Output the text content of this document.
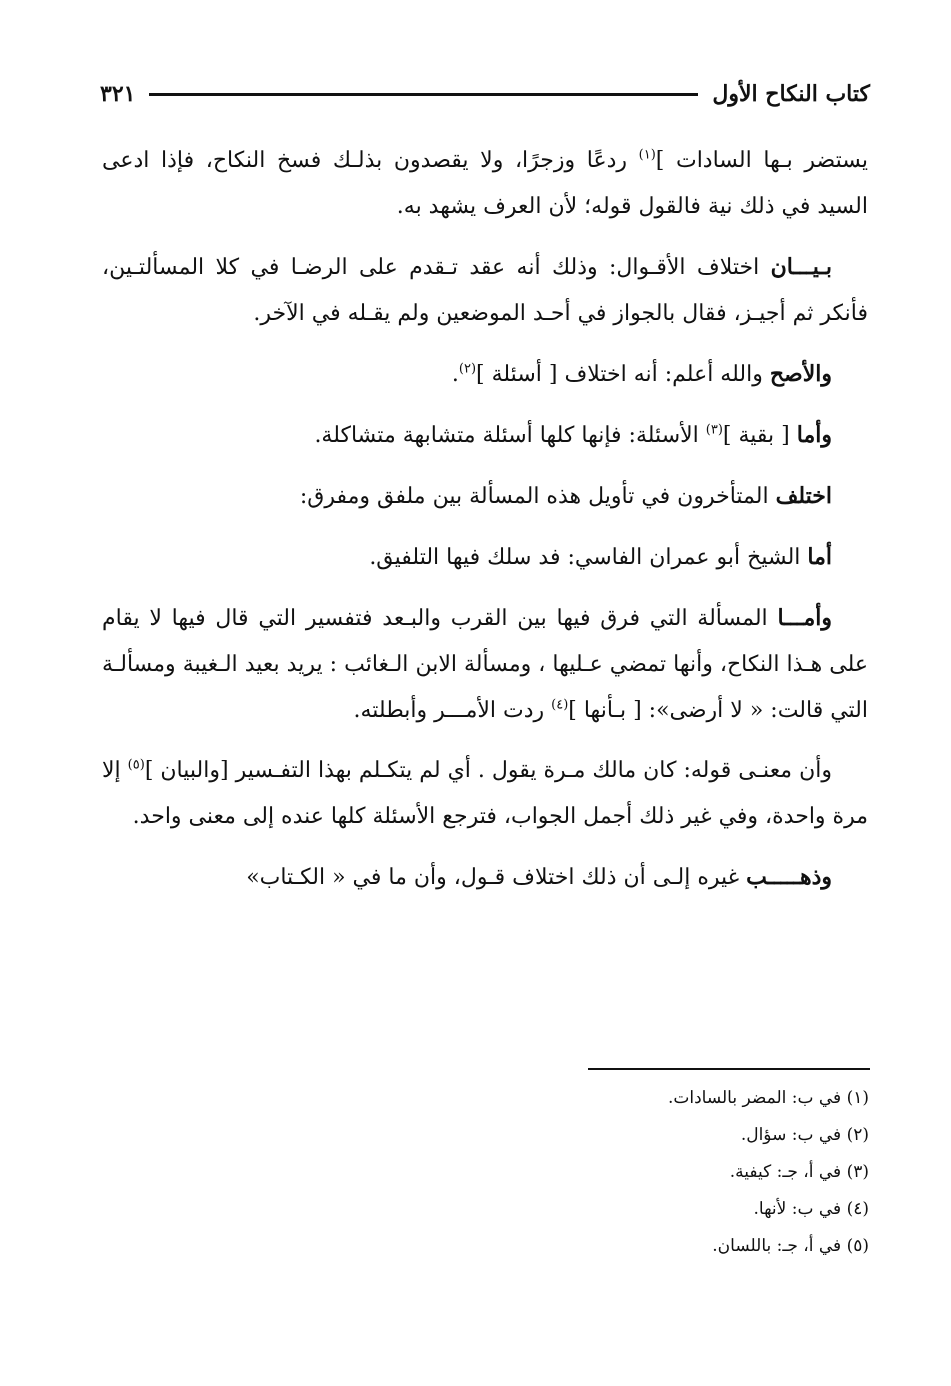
كتاب النكاح الأول
٣٢١

يستضر بـها السادات ]$^{(١)}$ ردعًا وزجرًا، ولا يقصدون بذلـك فسخ النكاح، فإذا ادعى السيد في ذلك نية فالقول قوله؛ لأن العرف يشهد به.

بـيـــان اختلاف الأقـوال: وذلك أنه عقد تـقدم على الرضـا في كلا المسألتـين، فأنكر ثم أجيـز، فقال بالجواز في أحـد الموضعين ولم يقـله في الآخر.

والأصح والله أعلم: أنه اختلاف [ أسئلة ]$^{(٢)}$.

وأما [ بقية ]$^{(٣)}$ الأسئلة: فإنها كلها أسئلة متشابهة متشاكلة.

اختلف المتأخرون في تأويل هذه المسألة بين ملفق ومفرق:

أما الشيخ أبو عمران الفاسي: فد سلك فيها التلفيق.

وأمـــا المسألة التي فرق فيها بين القرب والبـعد فتفسير التي قال فيها لا يقام على هـذا النكاح، وأنها تمضي عـليها ، ومسألة الابن الـغائب : يريد بعيد الـغيبة ومسألـة التي قالت: « لا أرضى»: [ بـأنها ]$^{(٤)}$ ردت الأمـــر وأبطلته.

وأن معنـى قوله: كان مالك مـرة يقول . أي لم يتكـلم بهذا التفـسير [والبيان ]$^{(٥)}$ إلا مرة واحدة، وفي غير ذلك أجمل الجواب، فترجع الأسئلة كلها عنده إلى معنى واحد.

وذهـــــب غيره إلـى أن ذلك اختلاف قـول، وأن ما في « الكـتاب»

(١) في ب: المضر بالسادات.
(٢) في ب: سؤال.
(٣) في أ، جـ: كيفية.
(٤) في ب: لأنها.
(٥) في أ، جـ: باللسان.
